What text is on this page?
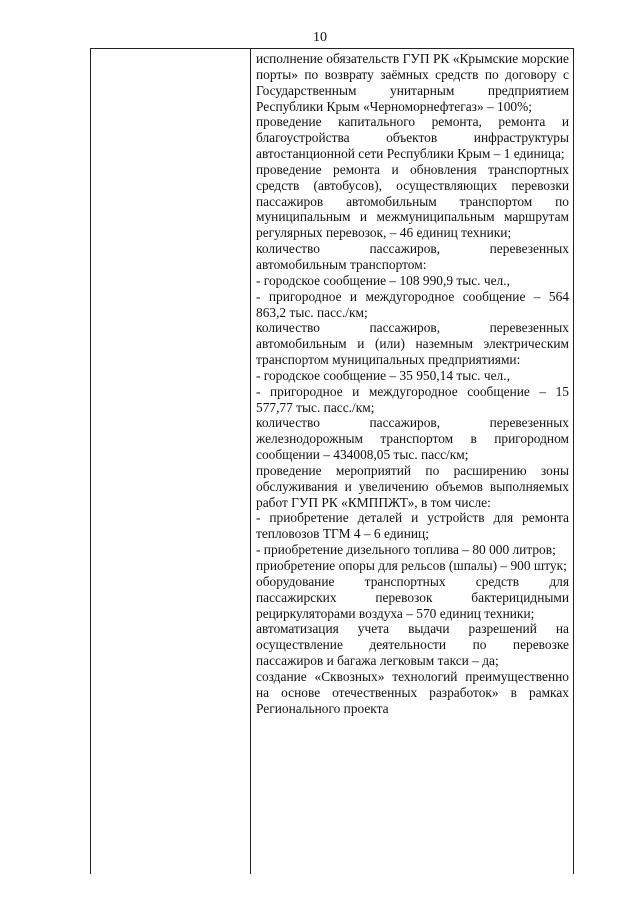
10

исполнение обязательств ГУП РК «Крымские морские порты» по возврату заёмных средств по договору с Государственным унитарным предприятием Республики Крым «Черноморнефтегаз» – 100%;

проведение капитального ремонта, ремонта и благоустройства объектов инфраструктуры автостанционной сети Республики Крым – 1 единица;

проведение ремонта и обновления транспортных средств (автобусов), осуществляющих перевозки пассажиров автомобильным транспортом по муниципальным и межмуниципальным маршрутам регулярных перевозок, – 46 единиц техники;

количество пассажиров, перевезенных автомобильным транспортом:

- городское сообщение – 108 990,9 тыс. чел.,

- пригородное и междугородное сообщение – 564 863,2 тыс. пасс./км;

количество пассажиров, перевезенных автомобильным и (или) наземным электрическим транспортом муниципальных предприятиями:

- городское сообщение – 35 950,14 тыс. чел.,

- пригородное и междугородное сообщение – 15 577,77 тыс. пасс./км;

количество пассажиров, перевезенных железнодорожным транспортом в пригородном сообщении – 434008,05 тыс. пасс/км;

проведение мероприятий по расширению зоны обслуживания и увеличению объемов выполняемых работ ГУП РК «КМППЖТ», в том числе:

- приобретение деталей и устройств для ремонта тепловозов ТГМ 4 – 6 единиц;

- приобретение дизельного топлива – 80 000 литров;

приобретение опоры для рельсов (шпалы) – 900 штук;

оборудование транспортных средств для пассажирских перевозок бактерицидными рециркуляторами воздуха – 570 единиц техники;

автоматизация учета выдачи разрешений на осуществление деятельности по перевозке пассажиров и багажа легковым такси – да;

создание «Сквозных» технологий преимущественно на основе отечественных разработок» в рамках Регионального проекта
